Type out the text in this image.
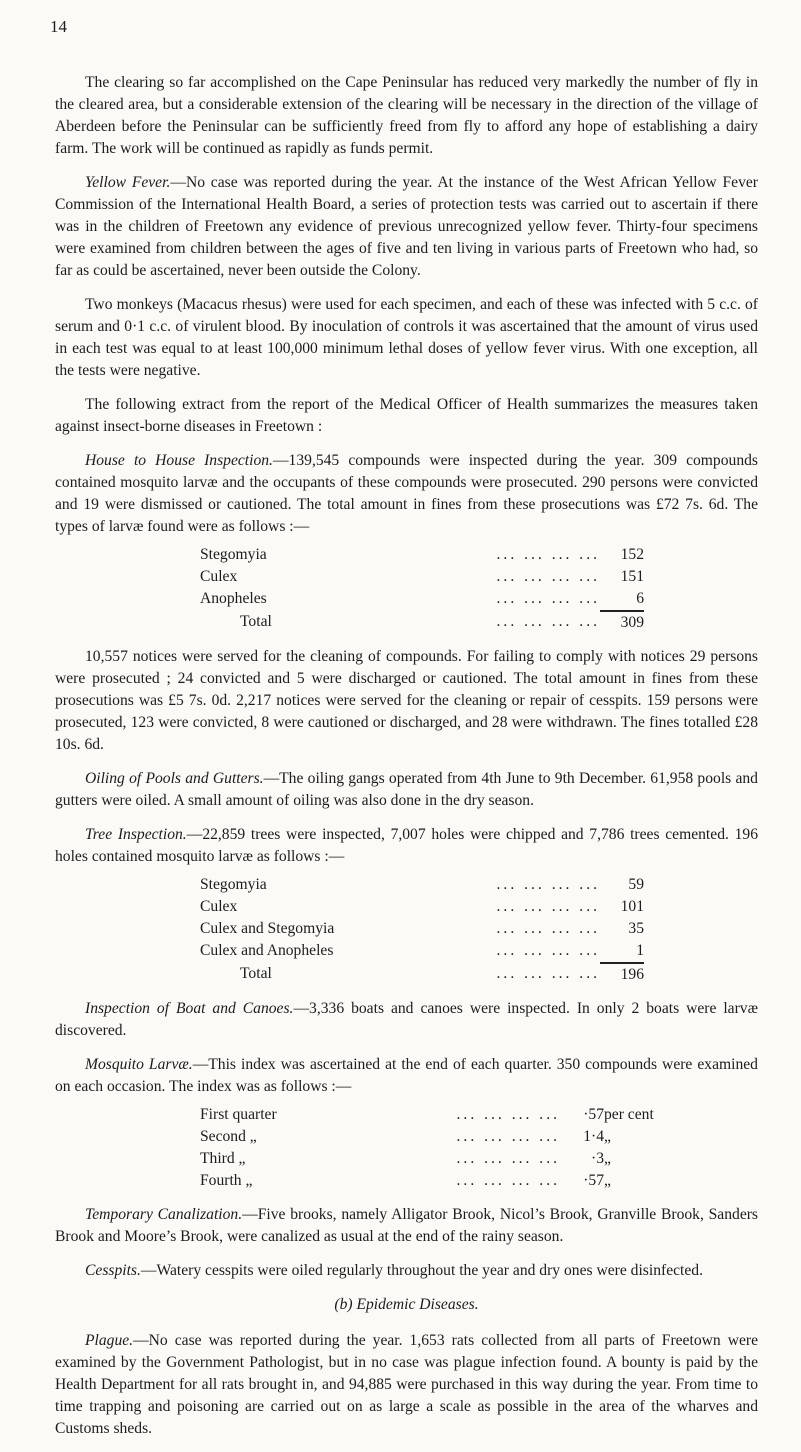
14

The clearing so far accomplished on the Cape Peninsular has reduced very markedly the number of fly in the cleared area, but a considerable extension of the clearing will be necessary in the direction of the village of Aberdeen before the Peninsular can be sufficiently freed from fly to afford any hope of establishing a dairy farm. The work will be continued as rapidly as funds permit.

Yellow Fever.—No case was reported during the year. At the instance of the West African Yellow Fever Commission of the International Health Board, a series of protection tests was carried out to ascertain if there was in the children of Freetown any evidence of previous unrecognized yellow fever. Thirty-four specimens were examined from children between the ages of five and ten living in various parts of Freetown who had, so far as could be ascertained, never been outside the Colony.

Two monkeys (Macacus rhesus) were used for each specimen, and each of these was infected with 5 c.c. of serum and 0·1 c.c. of virulent blood. By inoculation of controls it was ascertained that the amount of virus used in each test was equal to at least 100,000 minimum lethal doses of yellow fever virus. With one exception, all the tests were negative.

The following extract from the report of the Medical Officer of Health summarizes the measures taken against insect-borne diseases in Freetown :

House to House Inspection.—139,545 compounds were inspected during the year. 309 compounds contained mosquito larvæ and the occupants of these compounds were prosecuted. 290 persons were convicted and 19 were dismissed or cautioned. The total amount in fines from these prosecutions was £72 7s. 6d. The types of larvæ found were as follows :—

Stegomyia	... ... ... ...	152
Culex	... ... ... ...	151
Anopheles	... ... ... ...	6
Total	... ... ... ...	309

10,557 notices were served for the cleaning of compounds. For failing to comply with notices 29 persons were prosecuted ; 24 convicted and 5 were discharged or cautioned. The total amount in fines from these prosecutions was £5 7s. 0d. 2,217 notices were served for the cleaning or repair of cesspits. 159 persons were prosecuted, 123 were convicted, 8 were cautioned or discharged, and 28 were withdrawn. The fines totalled £28 10s. 6d.

Oiling of Pools and Gutters.—The oiling gangs operated from 4th June to 9th December. 61,958 pools and gutters were oiled. A small amount of oiling was also done in the dry season.

Tree Inspection.—22,859 trees were inspected, 7,007 holes were chipped and 7,786 trees cemented. 196 holes contained mosquito larvæ as follows :—

Stegomyia	... ... ... ...	59
Culex	... ... ... ...	101
Culex and Stegomyia	... ... ... ...	35
Culex and Anopheles	... ... ... ...	1
Total	... ... ... ...	196

Inspection of Boat and Canoes.—3,336 boats and canoes were inspected. In only 2 boats were larvæ discovered.

Mosquito Larvæ.—This index was ascertained at the end of each quarter. 350 compounds were examined on each occasion. The index was as follows :—

First quarter	... ... ... ...	·57	per cent
Second „	... ... ... ...	1·4	„
Third „	... ... ... ...	·3	„
Fourth „	... ... ... ...	·57	„

Temporary Canalization.—Five brooks, namely Alligator Brook, Nicol’s Brook, Granville Brook, Sanders Brook and Moore’s Brook, were canalized as usual at the end of the rainy season.

Cesspits.—Watery cesspits were oiled regularly throughout the year and dry ones were disinfected.

(b) Epidemic Diseases.

Plague.—No case was reported during the year. 1,653 rats collected from all parts of Freetown were examined by the Government Pathologist, but in no case was plague infection found. A bounty is paid by the Health Department for all rats brought in, and 94,885 were purchased in this way during the year. From time to time trapping and poisoning are carried out on as large a scale as possible in the area of the wharves and Customs sheds.
